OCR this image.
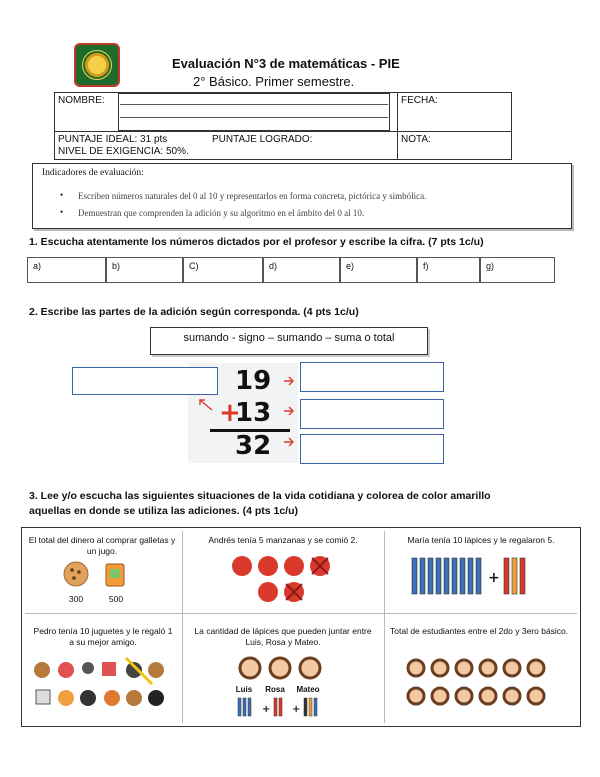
Evaluación N°3 de matemáticas - PIE
2° Básico. Primer semestre.
NOMBRE:	FECHA:
PUNTAJE IDEAL: 31 pts	PUNTAJE LOGRADO:
NIVEL DE EXIGENCIA: 50%.
NOTA:
Indicadores de evaluación:
• Escriben números naturales del 0 al 10 y representarlos en forma concreta, pictórica y simbólica.
• Demuestran que comprenden la adición y su algoritmo en el ámbito del 0 al 10.
1. Escucha atentamente los números dictados por el profesor y escribe la cifra. (7 pts 1c/u)
a)	b)	C)	d)	e)	f)	g)
2. Escribe las partes de la adición según corresponda. (4 pts 1c/u)
sumando - signo – sumando – suma o total
19
+
13
32
3. Lee y/o escucha las siguientes situaciones de la vida cotidiana y colorea de color amarillo
aquellas en donde se utiliza las adiciones. (4 pts 1c/u)
El total del dinero al comprar galletas y un jugo.
300	500
Andrés tenía 5 manzanas y se comió 2.	María tenía 10 lápices y le regalaron 5.
+
Pedro tenía 10 juguetes y le regaló 1 a su mejor amigo.
La cantidad de lápices que pueden juntar entre Luis, Rosa y Mateo.
Luis	Rosa	Mateo
+ +
Total de estudiantes entre el 2do y 3ero básico.
